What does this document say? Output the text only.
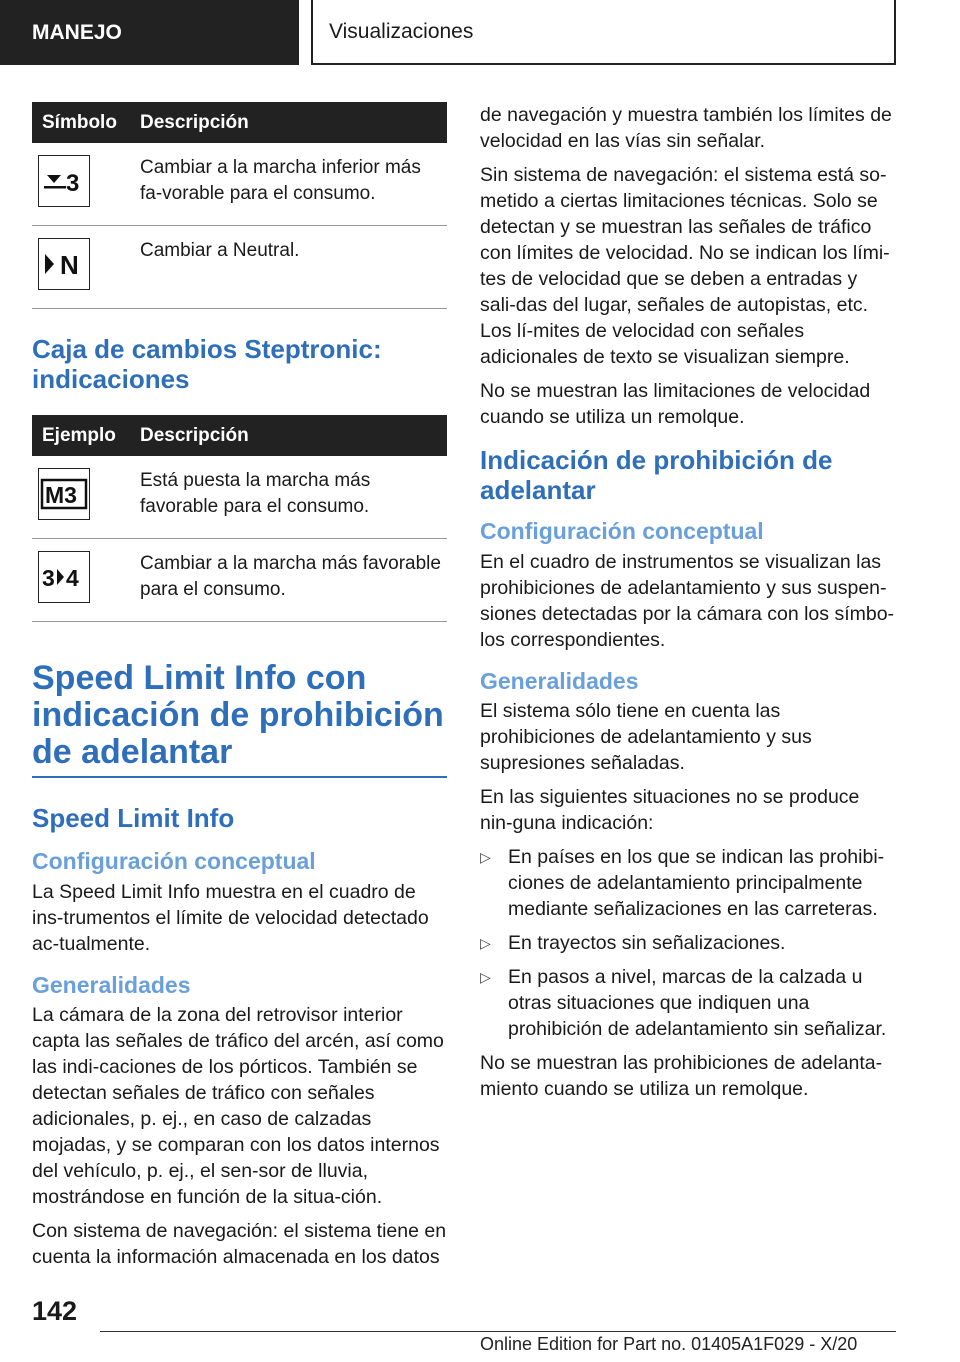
MANEJO	Visualizaciones
Símbolo	Descripción

3	Cambiar a la marcha inferior más fa-vorable para el consumo.

N	Cambiar a Neutral.
Caja de cambios Steptronic: indicaciones
Ejemplo	Descripción

M3	Está puesta la marcha más favorable para el consumo.

3 4	Cambiar a la marcha más favorable para el consumo.
Speed Limit Info con indicación de prohibición de adelantar
Speed Limit Info
Configuración conceptual

La Speed Limit Info muestra en el cuadro de ins-trumentos el límite de velocidad detectado ac-tualmente.

Generalidades

La cámara de la zona del retrovisor interior capta las señales de tráfico del arcén, así como las indi-caciones de los pórticos. También se detectan señales de tráfico con señales adicionales, p. ej., en caso de calzadas mojadas, y se comparan con los datos internos del vehículo, p. ej., el sen-sor de lluvia, mostrándose en función de la situa-ción.

Con sistema de navegación: el sistema tiene en cuenta la información almacenada en los datos

de navegación y muestra también los límites de velocidad en las vías sin señalar.

Sin sistema de navegación: el sistema está so-metido a ciertas limitaciones técnicas. Solo se detectan y se muestran las señales de tráfico con límites de velocidad. No se indican los lími-tes de velocidad que se deben a entradas y sali-das del lugar, señales de autopistas, etc. Los lí-mites de velocidad con señales adicionales de texto se visualizan siempre.

No se muestran las limitaciones de velocidad cuando se utiliza un remolque.

Indicación de prohibición de adelantar
Configuración conceptual

En el cuadro de instrumentos se visualizan las prohibiciones de adelantamiento y sus suspen-siones detectadas por la cámara con los símbo-los correspondientes.

Generalidades

El sistema sólo tiene en cuenta las prohibiciones de adelantamiento y sus supresiones señaladas.

En las siguientes situaciones no se produce nin-guna indicación:

▷ En países en los que se indican las prohibi-ciones de adelantamiento principalmente mediante señalizaciones en las carreteras.
▷ En trayectos sin señalizaciones.
▷ En pasos a nivel, marcas de la calzada u otras situaciones que indiquen una prohibición de adelantamiento sin señalizar.

No se muestran las prohibiciones de adelanta-miento cuando se utiliza un remolque.

142
Online Edition for Part no. 01405A1F029 - X/20
